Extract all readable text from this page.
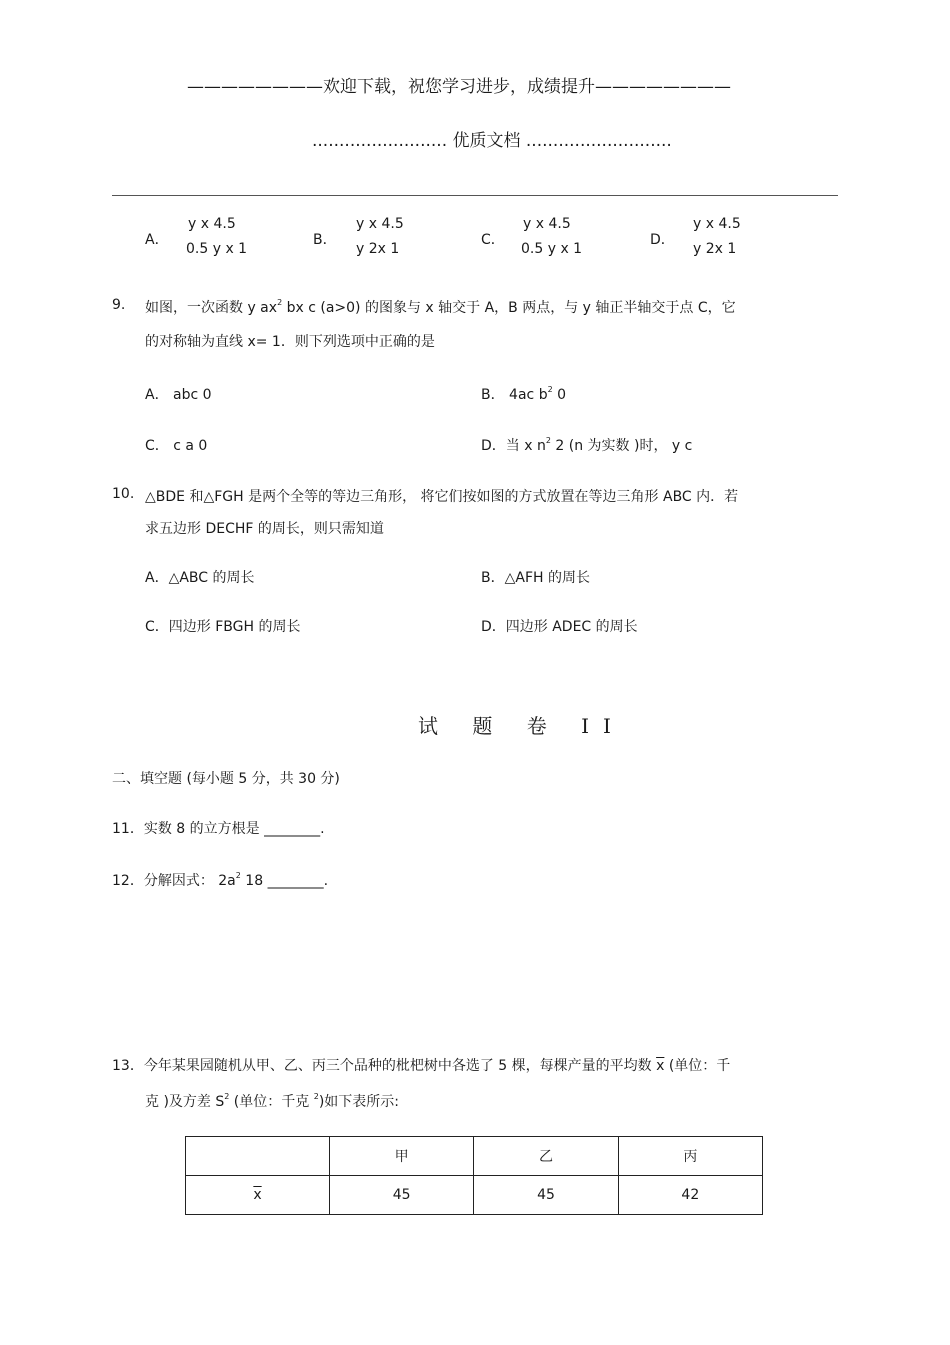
————————欢迎下载，祝您学习进步，成绩提升————————
......................... 优质文档 ...........................
A．
y x 4.5
0.5 y x 1
B．
y x 4.5
y 2x 1
C．
y x 4.5
0.5 y x 1
D．
y x 4.5
y 2x 1
9. 如图，一次函数 y $ax^2$ bx c (a>0) 的图象与 x 轴交于 A，B 两点，与 y 轴正半轴交于点 C，它
的对称轴为直线 x= 1．则下列选项中正确的是
A． abc 0	B． 4ac $b^2$ 0
C． c a 0	D．当 x $n^2$ 2 (n 为实数 )时， y c
10. △BDE 和△FGH 是两个全等的等边三角形， 将它们按如图的方式放置在等边三角形 ABC 内．若
求五边形 DECHF 的周长，则只需知道
A．△ABC 的周长	B．△AFH 的周长
C．四边形 FBGH 的周长	D．四边形 ADEC 的周长
试 题 卷 II
二、填空题 (每小题 5 分，共 30 分)
11．实数 8 的立方根是 ________.
12．分解因式： $2a^2$ 18 ________.
13．今年某果园随机从甲、乙、丙三个品种的枇杷树中各选了 5 棵，每棵产量的平均数 $\overline{x}$ (单位：千
克 )及方差 $S^2$ (单位：千克 $^2$)如下表所示:
	甲	乙	丙
$\overline{x}$	45	45	42
